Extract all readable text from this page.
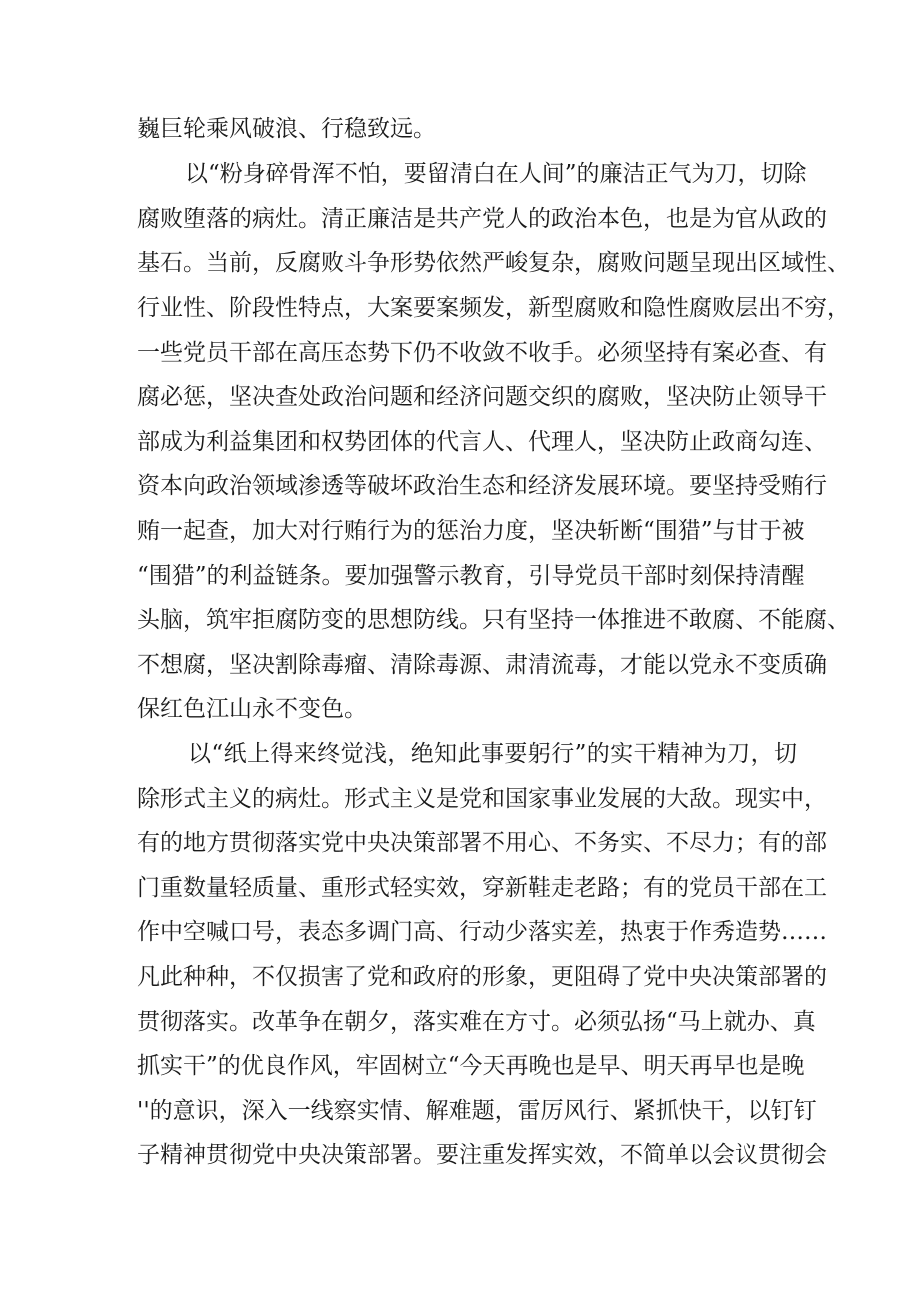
巍巨轮乘风破浪、行稳致远。
以“粉身碎骨浑不怕，要留清白在人间”的廉洁正气为刀，切除
腐败堕落的病灶。清正廉洁是共产党人的政治本色，也是为官从政的
基石。当前，反腐败斗争形势依然严峻复杂，腐败问题呈现出区域性、
行业性、阶段性特点，大案要案频发，新型腐败和隐性腐败层出不穷，
一些党员干部在高压态势下仍不收敛不收手。必须坚持有案必查、有
腐必惩，坚决查处政治问题和经济问题交织的腐败，坚决防止领导干
部成为利益集团和权势团体的代言人、代理人，坚决防止政商勾连、
资本向政治领域渗透等破坏政治生态和经济发展环境。要坚持受贿行
贿一起查，加大对行贿行为的惩治力度，坚决斩断“围猎”与甘于被
“围猎”的利益链条。要加强警示教育，引导党员干部时刻保持清醒
头脑，筑牢拒腐防变的思想防线。只有坚持一体推进不敢腐、不能腐、
不想腐，坚决割除毒瘤、清除毒源、肃清流毒，才能以党永不变质确
保红色江山永不变色。
以“纸上得来终觉浅，绝知此事要躬行”的实干精神为刀，切
除形式主义的病灶。形式主义是党和国家事业发展的大敌。现实中，
有的地方贯彻落实党中央决策部署不用心、不务实、不尽力；有的部
门重数量轻质量、重形式轻实效，穿新鞋走老路；有的党员干部在工
作中空喊口号，表态多调门高、行动少落实差，热衷于作秀造势……
凡此种种，不仅损害了党和政府的形象，更阻碍了党中央决策部署的
贯彻落实。改革争在朝夕，落实难在方寸。必须弘扬“马上就办、真
抓实干”的优良作风，牢固树立“今天再晚也是早、明天再早也是晚
''的意识，深入一线察实情、解难题，雷厉风行、紧抓快干，以钉钉
子精神贯彻党中央决策部署。要注重发挥实效，不简单以会议贯彻会
